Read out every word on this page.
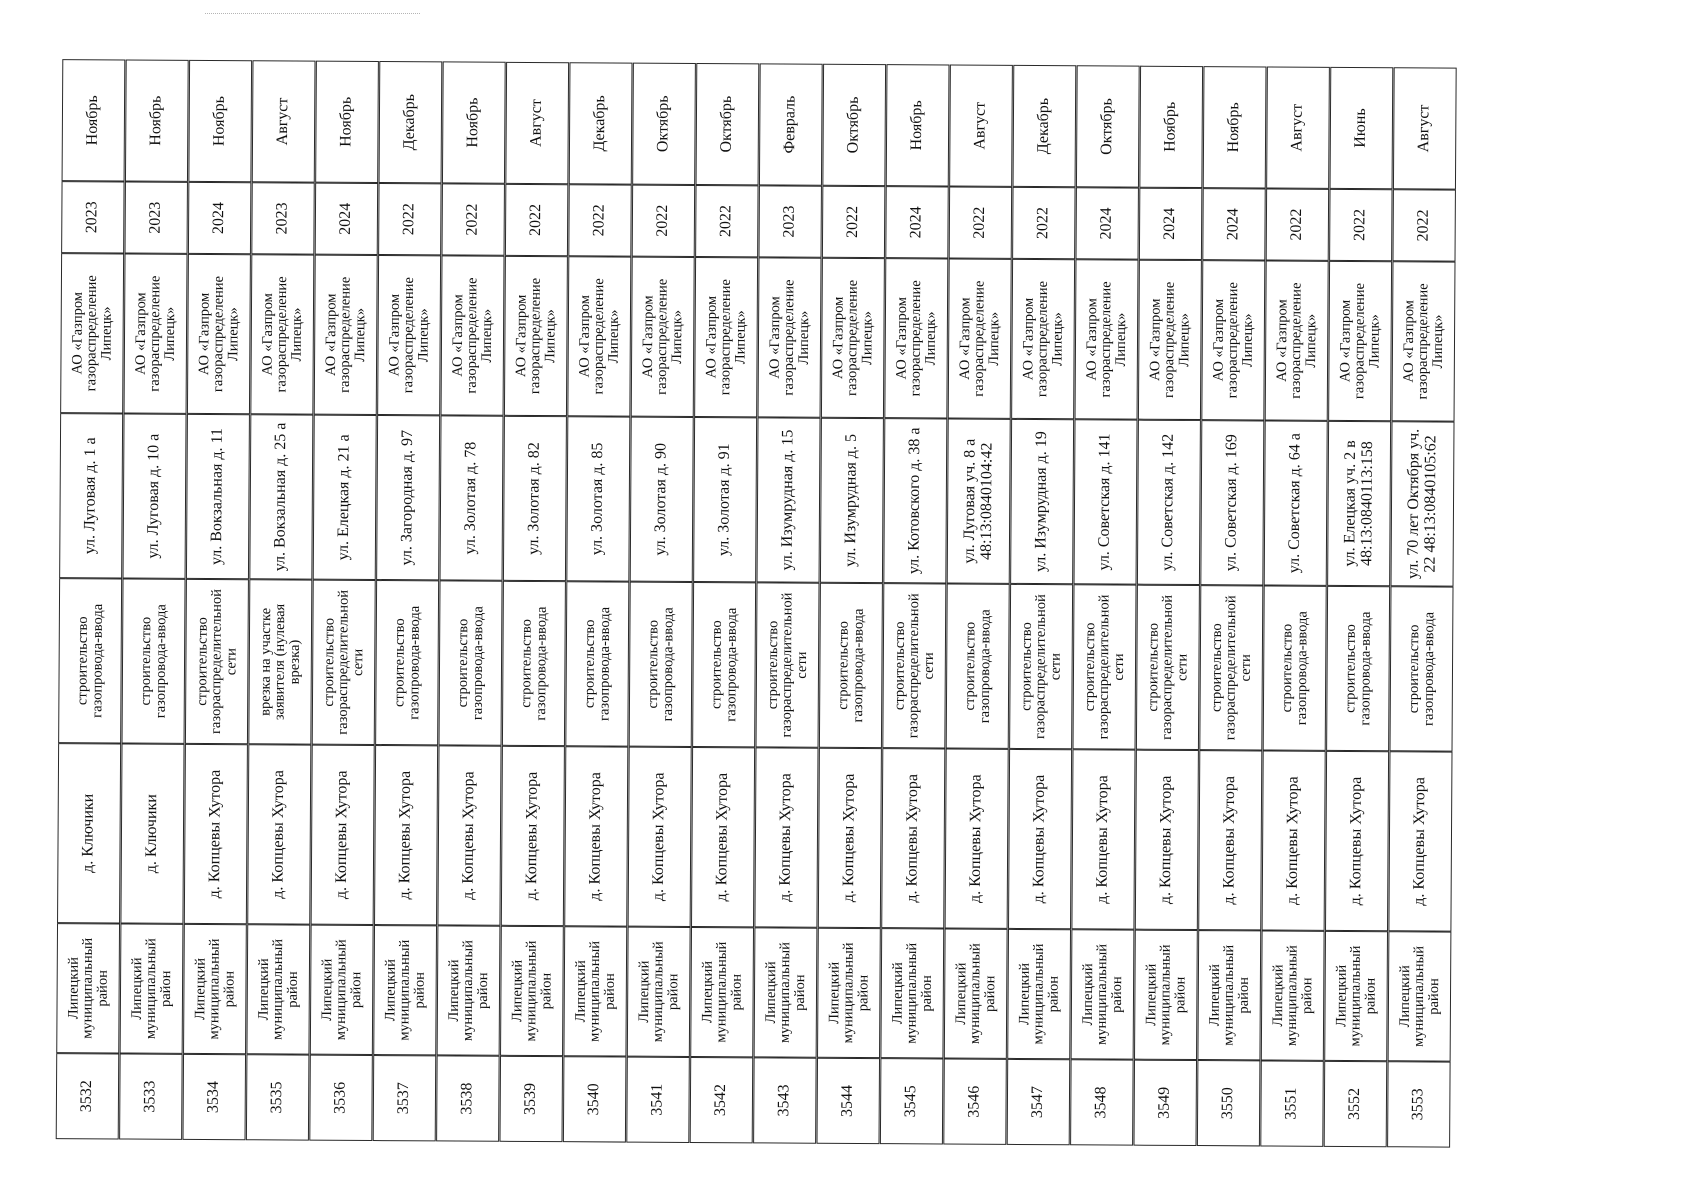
3532
Липецкий муниципальный район
д. Ключики
строительство газопровода-ввода
ул. Луговая д. 1 а
АО «Газпром газораспределение Липецк»
2023
Ноябрь
3533
Липецкий муниципальный район
д. Ключики
строительство газопровода-ввода
ул. Луговая д. 10 а
АО «Газпром газораспределение Липецк»
2023
Ноябрь
3534
Липецкий муниципальный район
д. Копцевы Хутора
строительство газораспределительной сети
ул. Вокзальная д. 11
АО «Газпром газораспределение Липецк»
2024
Ноябрь
3535
Липецкий муниципальный район
д. Копцевы Хутора
врезка на участке заявителя (нулевая врезка)
ул. Вокзальная д. 25 а
АО «Газпром газораспределение Липецк»
2023
Август
3536
Липецкий муниципальный район
д. Копцевы Хутора
строительство газораспределительной сети
ул. Елецкая д. 21 а
АО «Газпром газораспределение Липецк»
2024
Ноябрь
3537
Липецкий муниципальный район
д. Копцевы Хутора
строительство газопровода-ввода
ул. Загородная д. 97
АО «Газпром газораспределение Липецк»
2022
Декабрь
3538
Липецкий муниципальный район
д. Копцевы Хутора
строительство газопровода-ввода
ул. Золотая д. 78
АО «Газпром газораспределение Липецк»
2022
Ноябрь
3539
Липецкий муниципальный район
д. Копцевы Хутора
строительство газопровода-ввода
ул. Золотая д. 82
АО «Газпром газораспределение Липецк»
2022
Август
3540
Липецкий муниципальный район
д. Копцевы Хутора
строительство газопровода-ввода
ул. Золотая д. 85
АО «Газпром газораспределение Липецк»
2022
Декабрь
3541
Липецкий муниципальный район
д. Копцевы Хутора
строительство газопровода-ввода
ул. Золотая д. 90
АО «Газпром газораспределение Липецк»
2022
Октябрь
3542
Липецкий муниципальный район
д. Копцевы Хутора
строительство газопровода-ввода
ул. Золотая д. 91
АО «Газпром газораспределение Липецк»
2022
Октябрь
3543
Липецкий муниципальный район
д. Копцевы Хутора
строительство газораспределительной сети
ул. Изумрудная д. 15
АО «Газпром газораспределение Липецк»
2023
Февраль
3544
Липецкий муниципальный район
д. Копцевы Хутора
строительство газопровода-ввода
ул. Изумрудная д. 5
АО «Газпром газораспределение Липецк»
2022
Октябрь
3545
Липецкий муниципальный район
д. Копцевы Хутора
строительство газораспределительной сети
ул. Котовского д. 38 а
АО «Газпром газораспределение Липецк»
2024
Ноябрь
3546
Липецкий муниципальный район
д. Копцевы Хутора
строительство газопровода-ввода
ул. Луговая уч. 8 а 48:13:0840104:42
АО «Газпром газораспределение Липецк»
2022
Август
3547
Липецкий муниципальный район
д. Копцевы Хутора
строительство газораспределительной сети
ул. Изумрудная д. 19
АО «Газпром газораспределение Липецк»
2022
Декабрь
3548
Липецкий муниципальный район
д. Копцевы Хутора
строительство газораспределительной сети
ул. Советская д. 141
АО «Газпром газораспределение Липецк»
2024
Октябрь
3549
Липецкий муниципальный район
д. Копцевы Хутора
строительство газораспределительной сети
ул. Советская д. 142
АО «Газпром газораспределение Липецк»
2024
Ноябрь
3550
Липецкий муниципальный район
д. Копцевы Хутора
строительство газораспределительной сети
ул. Советская д. 169
АО «Газпром газораспределение Липецк»
2024
Ноябрь
3551
Липецкий муниципальный район
д. Копцевы Хутора
строительство газопровода-ввода
ул. Советская д. 64 а
АО «Газпром газораспределение Липецк»
2022
Август
3552
Липецкий муниципальный район
д. Копцевы Хутора
строительство газопровода-ввода
ул. Елецкая уч. 2 в 48:13:0840113:158
АО «Газпром газораспределение Липецк»
2022
Июнь
3553
Липецкий муниципальный район
д. Копцевы Хутора
строительство газопровода-ввода
ул. 70 лет Октября уч. 22 48:13:0840105:62
АО «Газпром газораспределение Липецк»
2022
Август
